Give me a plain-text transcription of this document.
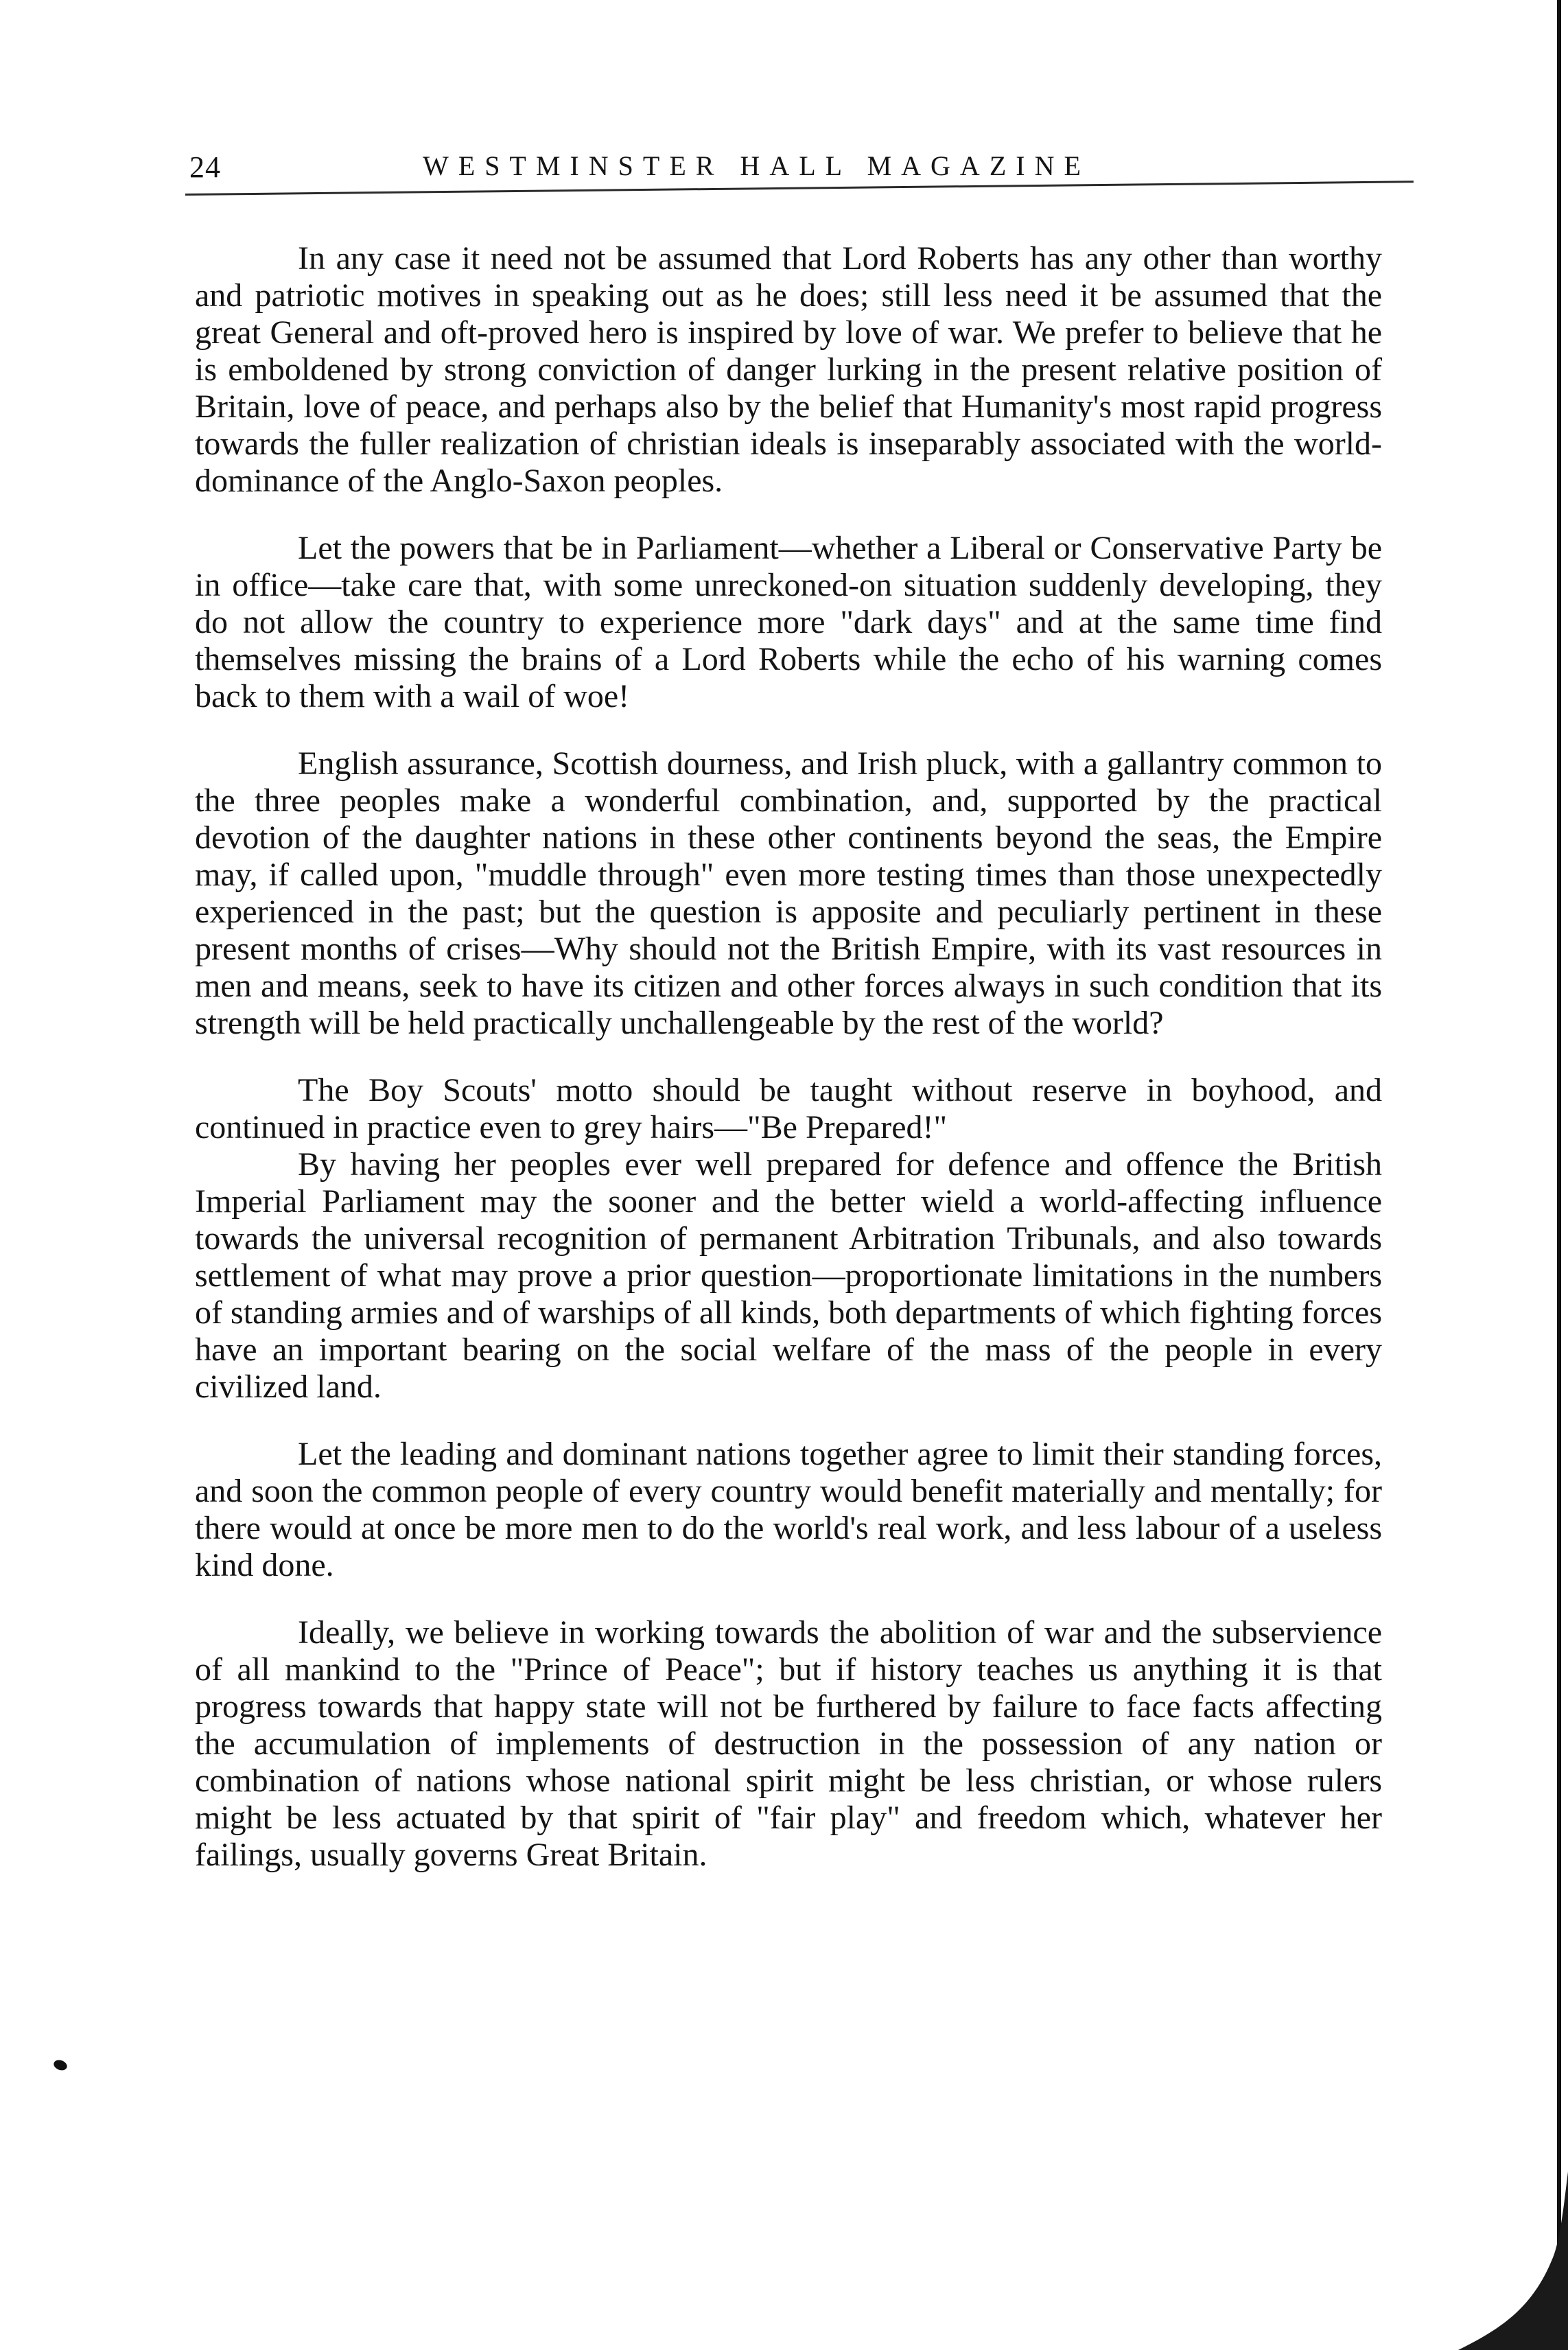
24	WESTMINSTER HALL MAGAZINE

In any case it need not be assumed that Lord Roberts has any other than worthy and patriotic motives in speaking out as he does; still less need it be assumed that the great General and oft-proved hero is inspired by love of war. We prefer to believe that he is emboldened by strong conviction of danger lurking in the present relative position of Britain, love of peace, and perhaps also by the belief that Humanity's most rapid progress towards the fuller realization of christian ideals is inseparably associated with the world-dominance of the Anglo-Saxon peoples.

Let the powers that be in Parliament—whether a Liberal or Conservative Party be in office—take care that, with some unreckoned-on situation suddenly developing, they do not allow the country to experience more "dark days" and at the same time find themselves missing the brains of a Lord Roberts while the echo of his warning comes back to them with a wail of woe!

English assurance, Scottish dourness, and Irish pluck, with a gallantry common to the three peoples make a wonderful combination, and, supported by the practical devotion of the daughter nations in these other continents beyond the seas, the Empire may, if called upon, "muddle through" even more testing times than those unexpectedly experienced in the past; but the question is apposite and peculiarly pertinent in these present months of crises—Why should not the British Empire, with its vast resources in men and means, seek to have its citizen and other forces always in such condition that its strength will be held practically unchallengeable by the rest of the world?

The Boy Scouts' motto should be taught without reserve in boyhood, and continued in practice even to grey hairs—"Be Prepared!"

By having her peoples ever well prepared for defence and offence the British Imperial Parliament may the sooner and the better wield a world-affecting influence towards the universal recognition of permanent Arbitration Tribunals, and also towards settlement of what may prove a prior question—proportionate limitations in the numbers of standing armies and of warships of all kinds, both departments of which fighting forces have an important bearing on the social welfare of the mass of the people in every civilized land.

Let the leading and dominant nations together agree to limit their standing forces, and soon the common people of every country would benefit materially and mentally; for there would at once be more men to do the world's real work, and less labour of a useless kind done.

Ideally, we believe in working towards the abolition of war and the subservience of all mankind to the "Prince of Peace"; but if history teaches us anything it is that progress towards that happy state will not be furthered by failure to face facts affecting the accumulation of implements of destruction in the possession of any nation or combination of nations whose national spirit might be less christian, or whose rulers might be less actuated by that spirit of "fair play" and freedom which, whatever her failings, usually governs Great Britain.
